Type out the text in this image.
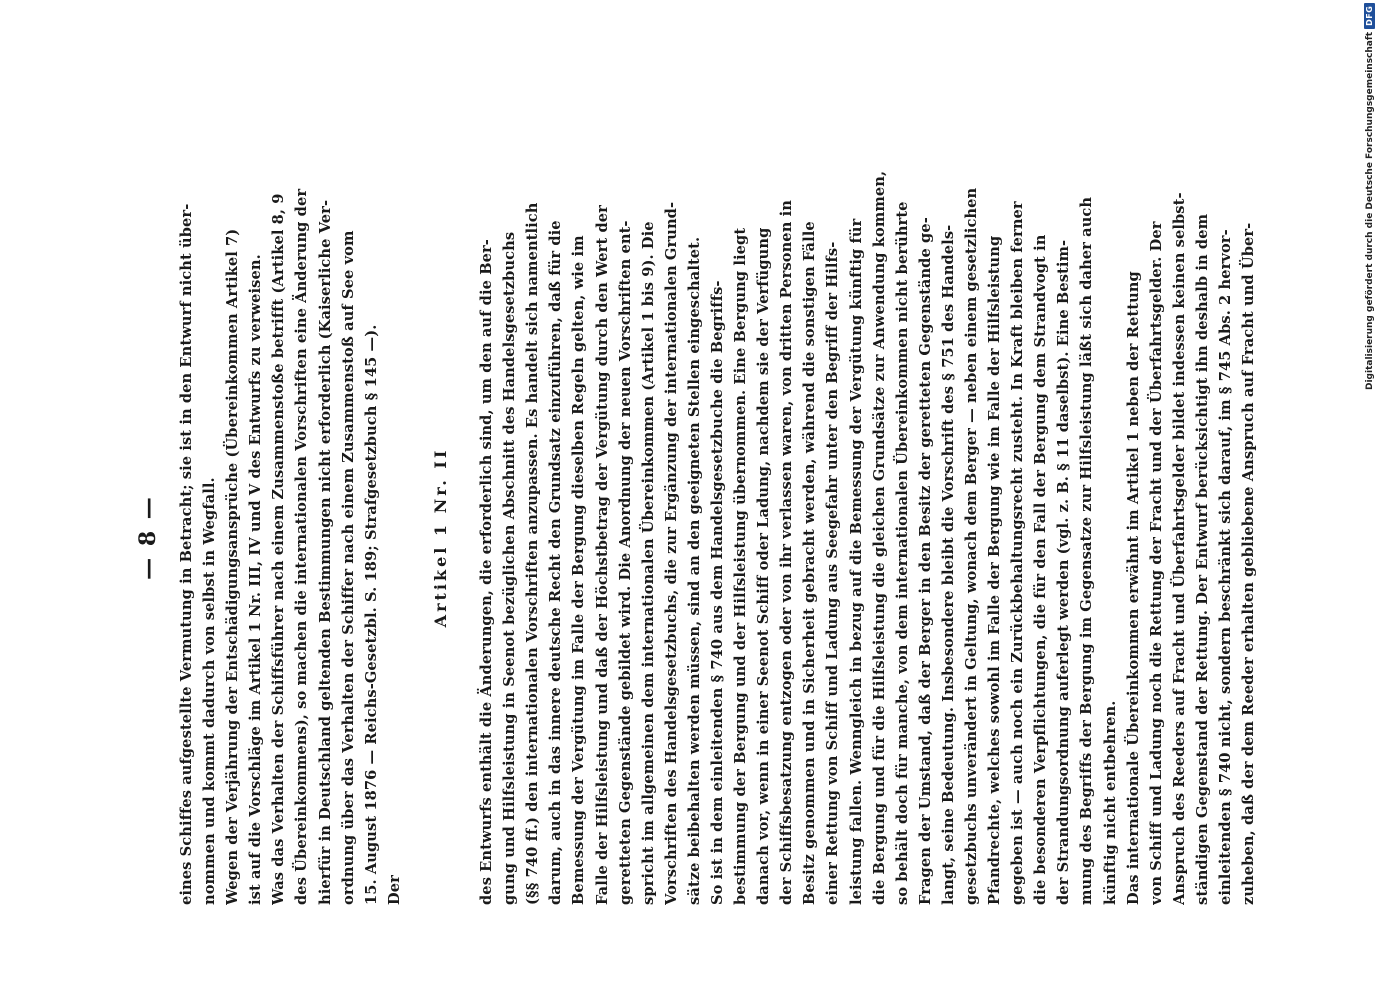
— 8 — eines Schiffes aufgestellte Vermutung in Betracht; sie ist in den Entwurf nicht über- nommen und kommt dadurch von selbst in Wegfall. Wegen der Verjährung der Entschädigungsansprüche (Übereinkommen Artikel 7) ist auf die Vorschläge im Artikel 1 Nr. III, IV und V des Entwurfs zu verweisen. Was das Verhalten der Schiffsführer nach einem Zusammenstoße betrifft (Artikel 8, 9 des Übereinkommens), so machen die internationalen Vorschriften eine Änderung der hierfür in Deutschland geltenden Bestimmungen nicht erforderlich (Kaiserliche Ver- ordnung über das Verhalten der Schiffer nach einem Zusammenstoß auf See vom 15. August 1876 — Reichs-Gesetzbl. S. 189; Strafgesetzbuch § 145 —). Der
Artikel 1 Nr. II des Entwurfs enthält die Änderungen, die erforderlich sind, um den auf die Ber- gung und Hilfsleistung in Seenot bezüglichen Abschnitt des Handelsgesetzbuchs (§§ 740 ff.) den internationalen Vorschriften anzupassen. Es handelt sich namentlich darum, auch in das innere deutsche Recht den Grundsatz einzuführen, daß für die Bemessung der Vergütung im Falle der Bergung dieselben Regeln gelten, wie im Falle der Hilfsleistung und daß der Höchstbetrag der Vergütung durch den Wert der geretteten Gegenstände gebildet wird. Die Anordnung der neuen Vorschriften ent- spricht im allgemeinen dem internationalen Übereinkommen (Artikel 1 bis 9). Die Vorschriften des Handelsgesetzbuchs, die zur Ergänzung der internationalen Grund- sätze beibehalten werden müssen, sind an den geeigneten Stellen eingeschaltet. So ist in dem einleitenden § 740 aus dem Handelsgesetzbuche die Begriffs- bestimmung der Bergung und der Hilfsleistung übernommen. Eine Bergung liegt danach vor, wenn in einer Seenot Schiff oder Ladung, nachdem sie der Verfügung der Schiffsbesatzung entzogen oder von ihr verlassen waren, von dritten Personen in Besitz genommen und in Sicherheit gebracht werden, während die sonstigen Fälle einer Rettung von Schiff und Ladung aus Seegefahr unter den Begriff der Hilfs- leistung fallen. Wenngleich in bezug auf die Bemessung der Vergütung künftig für die Bergung und für die Hilfsleistung die gleichen Grundsätze zur Anwendung kommen, so behält doch für manche, von dem internationalen Übereinkommen nicht berührte Fragen der Umstand, daß der Berger in den Besitz der geretteten Gegenstände ge- langt, seine Bedeutung. Insbesondere bleibt die Vorschrift des § 751 des Handels- gesetzbuchs unverändert in Geltung, wonach dem Berger — neben einem gesetzlichen Pfandrechte, welches sowohl im Falle der Bergung wie im Falle der Hilfsleistung gegeben ist — auch noch ein Zurückbehaltungsrecht zusteht. In Kraft bleiben ferner die besonderen Verpflichtungen, die für den Fall der Bergung dem Strandvogt in der Strandungsordnung auferlegt werden (vgl. z. B. § 11 daselbst). Eine Bestim- mung des Begriffs der Bergung im Gegensatze zur Hilfsleistung läßt sich daher auch künftig nicht entbehren. Das internationale Übereinkommen erwähnt im Artikel 1 neben der Rettung von Schiff und Ladung noch die Rettung der Fracht und der Überfahrtsgelder. Der Anspruch des Reeders auf Fracht und Überfahrtsgelder bildet indessen keinen selbst- ständigen Gegenstand der Rettung. Der Entwurf berücksichtigt ihn deshalb in dem einleitenden § 740 nicht, sondern beschränkt sich darauf, im § 745 Abs. 2 hervor- zuheben, daß der dem Reeder erhalten gebliebene Anspruch auf Fracht und Über-
Digitalisierung gefördert durch die Deutsche Forschungsgemeinschaft
DFG
